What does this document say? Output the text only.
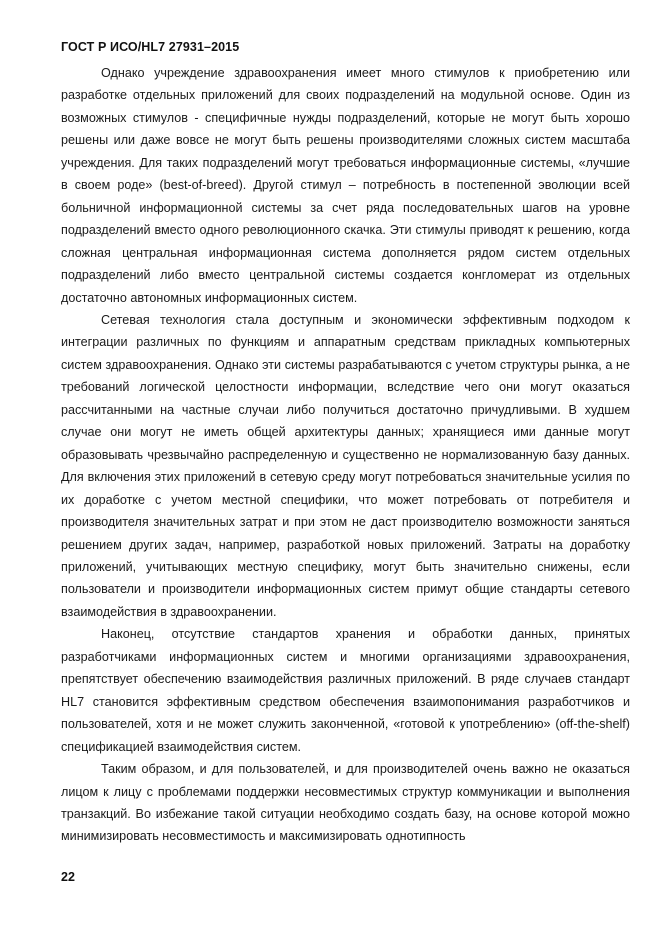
ГОСТ Р ИСО/HL7 27931–2015

Однако учреждение здравоохранения имеет много стимулов к приобретению или разработке отдельных приложений для своих подразделений на модульной основе. Один из возможных стимулов - специфичные нужды подразделений, которые не могут быть хорошо решены или даже вовсе не могут быть решены производителями сложных систем масштаба учреждения. Для таких подразделений могут требоваться информационные системы, «лучшие в своем роде» (best-of-breed). Другой стимул – потребность в постепенной эволюции всей больничной информационной системы за счет ряда последовательных шагов на уровне подразделений вместо одного революционного скачка. Эти стимулы приводят к решению, когда сложная центральная информационная система дополняется рядом систем отдельных подразделений либо вместо центральной системы создается конгломерат из отдельных достаточно автономных информационных систем.

Сетевая технология стала доступным и экономически эффективным подходом к интеграции различных по функциям и аппаратным средствам прикладных компьютерных систем здравоохранения. Однако эти системы разрабатываются с учетом структуры рынка, а не требований логической целостности информации, вследствие чего они могут оказаться рассчитанными на частные случаи либо получиться достаточно причудливыми. В худшем случае они могут не иметь общей архитектуры данных; хранящиеся ими данные могут образовывать чрезвычайно распределенную и существенно не нормализованную базу данных. Для включения этих приложений в сетевую среду могут потребоваться значительные усилия по их доработке с учетом местной специфики, что может потребовать от потребителя и производителя значительных затрат и при этом не даст производителю возможности заняться решением других задач, например, разработкой новых приложений. Затраты на доработку приложений, учитывающих местную специфику, могут быть значительно снижены, если пользователи и производители информационных систем примут общие стандарты сетевого взаимодействия в здравоохранении.

Наконец, отсутствие стандартов хранения и обработки данных, принятых разработчиками информационных систем и многими организациями здравоохранения, препятствует обеспечению взаимодействия различных приложений. В ряде случаев стандарт HL7 становится эффективным средством обеспечения взаимопонимания разработчиков и пользователей, хотя и не может служить законченной, «готовой к употреблению» (off-the-shelf) спецификацией взаимодействия систем.

Таким образом, и для пользователей, и для производителей очень важно не оказаться лицом к лицу с проблемами поддержки несовместимых структур коммуникации и выполнения транзакций. Во избежание такой ситуации необходимо создать базу, на основе которой можно минимизировать несовместимость и максимизировать однотипность

22
